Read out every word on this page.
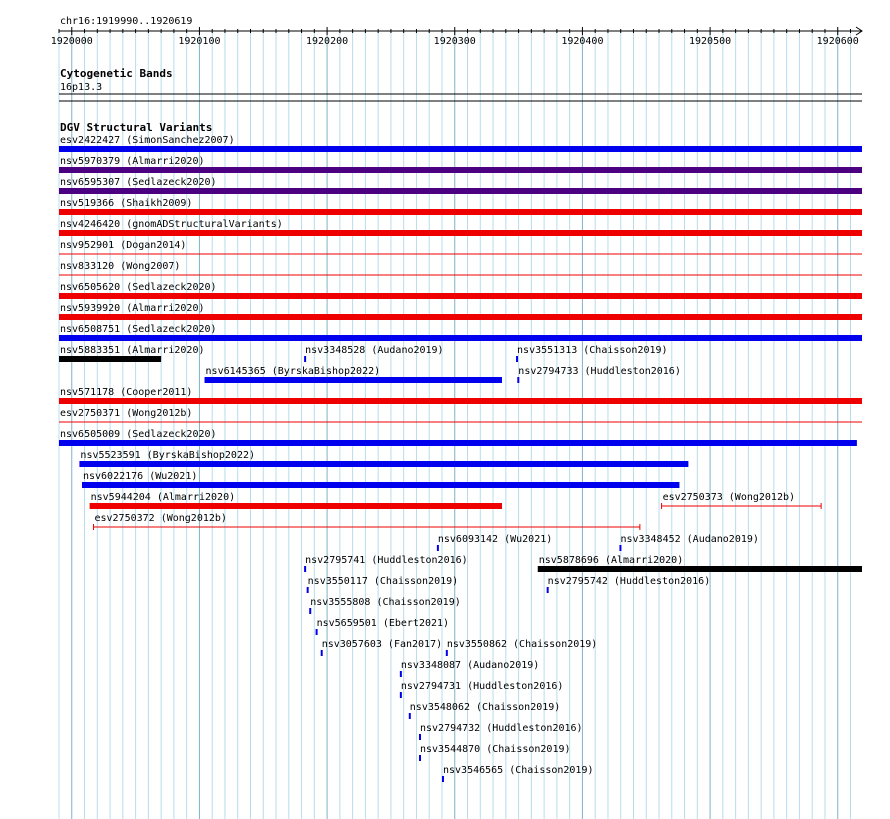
chr16:1919990..1920619
1920000	1920100	1920200	1920300	1920400	1920500	1920600
Cytogenetic Bands
16p13.3
DGV Structural Variants
esv2422427 (SimonSanchez2007)
nsv5970379 (Almarri2020)
nsv6595307 (Sedlazeck2020)
nsv519366 (Shaikh2009)
nsv4246420 (gnomADStructuralVariants)
nsv952901 (Dogan2014)
nsv833120 (Wong2007)
nsv6505620 (Sedlazeck2020)
nsv5939920 (Almarri2020)
nsv6508751 (Sedlazeck2020)
nsv5883351 (Almarri2020)
nsv6145365 (ByrskaBishop2022)
nsv3551313 (Chaisson2019)
nsv571178 (Cooper2011)
esv2750371 (Wong2012b)
nsv6505009 (Sedlazeck2020)
nsv5523591 (ByrskaBishop2022)
nsv6022176 (Wu2021)
nsv5944204 (Almarri2020)
nsv2794733 (Huddleston2016)
esv2750372 (Wong2012b)
esv2750373 (Wong2012b)
nsv3348528 (Audano2019)
nsv6093142 (Wu2021)	nsv3348452 (Audano2019)
nsv2795741 (Huddleston2016)	nsv5878696 (Almarri2020)
nsv3550117 (Chaisson2019)	nsv2795742 (Huddleston2016)
nsv3555808 (Chaisson2019)
nsv5659501 (Ebert2021)
nsv3057603 (Fan2017)
nsv3348087 (Audano2019)
nsv2794731 (Huddleston2016)
nsv3548062 (Chaisson2019)
nsv2794732 (Huddleston2016)
nsv3544870 (Chaisson2019)
nsv3546565 (Chaisson2019)
nsv3550862 (Chaisson2019)
